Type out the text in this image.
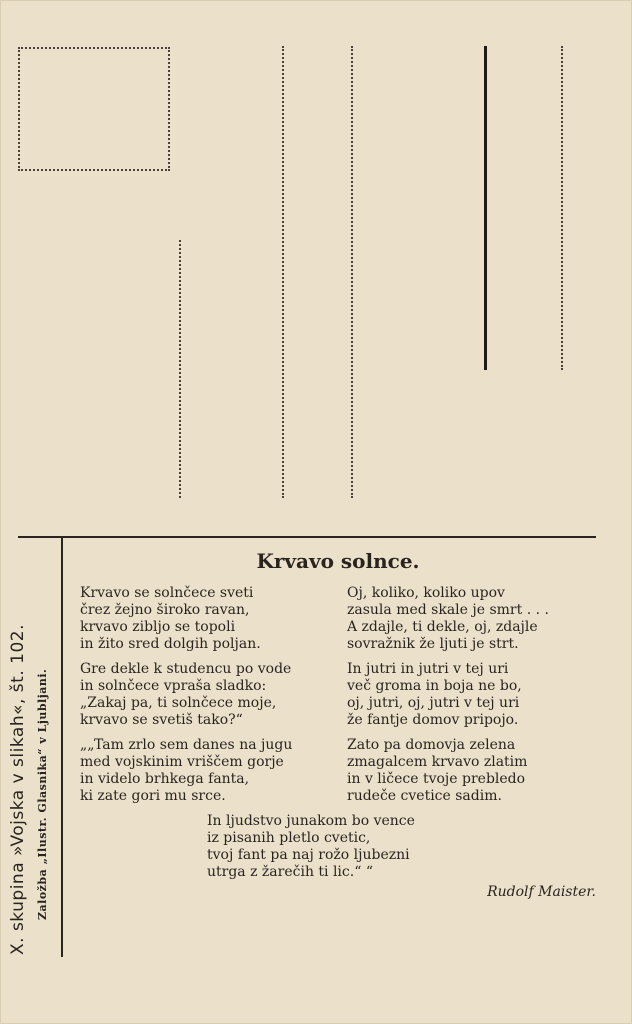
X. skupina »Vojska v slikah«, št. 102. Založba „Ilustr. Glasnika“ v Ljubljani.
Krvavo solnce.
Krvavo se solnčece sveti
črez žejno široko ravan,
krvavo zibljo se topoli
in žito sred dolgih poljan.
Gre dekle k studencu po vode
in solnčece vpraša sladko:
„Zakaj pa, ti solnčece moje,
krvavo se svetiš tako?“
„„Tam zrlo sem danes na jugu
med vojskinim vriščem gorje
in videlo brhkega fanta,
ki zate gori mu srce.
Oj, koliko, koliko upov
zasula med skale je smrt . . .
A zdajle, ti dekle, oj, zdajle
sovražnik že ljuti je strt.
In jutri in jutri v tej uri
več groma in boja ne bo,
oj, jutri, oj, jutri v tej uri
že fantje domov pripojo.
Zato pa domovja zelena
zmagalcem krvavo zlatim
in v ličece tvoje prebledo
rudeče cvetice sadim.
In ljudstvo junakom bo vence
iz pisanih pletlo cvetic,
tvoj fant pa naj rožo ljubezni
utrga z žarečih ti lic.“ “
Rudolf Maister.
